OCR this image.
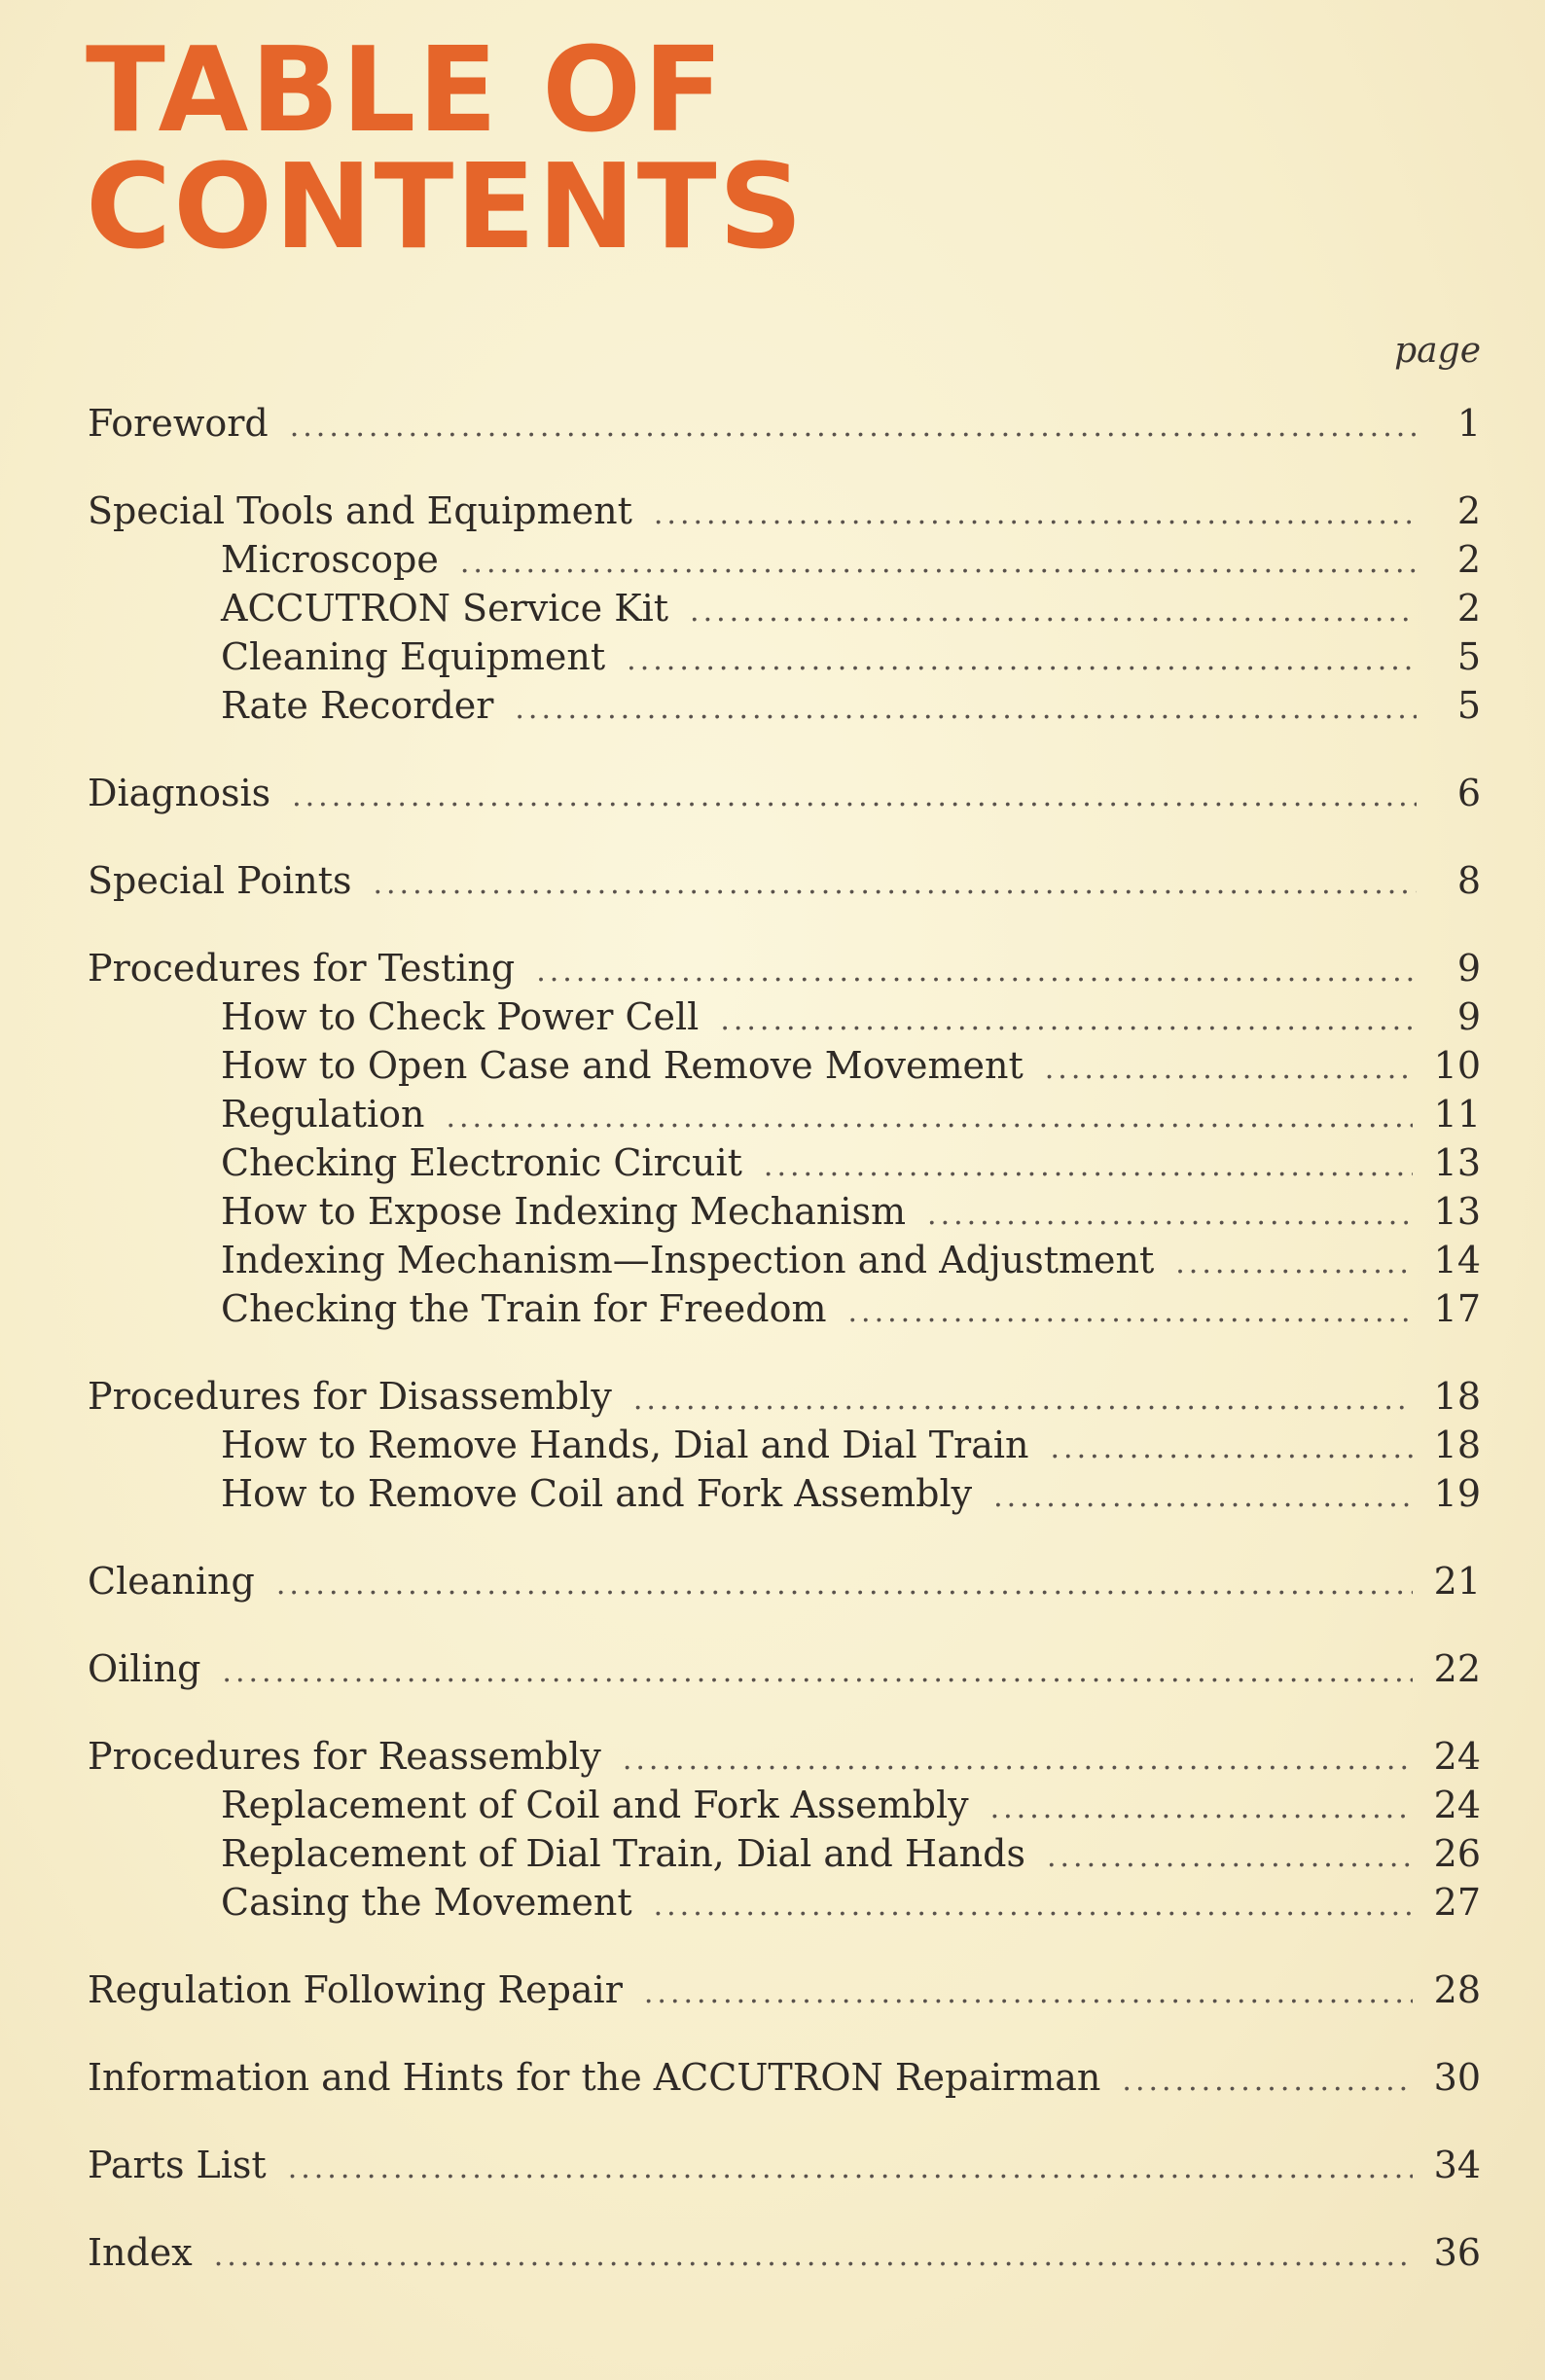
TABLE OF
CONTENTS
page
Foreword .....	1
Special Tools and Equipment .....	2
Microscope .....	2
ACCUTRON Service Kit .....	2
Cleaning Equipment .....	5
Rate Recorder .....	5
Diagnosis .....	6
Special Points .....	8
Procedures for Testing .....	9
How to Check Power Cell .....	9
How to Open Case and Remove Movement .....	10
Regulation .....	11
Checking Electronic Circuit .....	13
How to Expose Indexing Mechanism .....	13
Indexing Mechanism—Inspection and Adjustment .....	14
Checking the Train for Freedom .....	17
Procedures for Disassembly .....	18
How to Remove Hands, Dial and Dial Train .....	18
How to Remove Coil and Fork Assembly .....	19
Cleaning .....	21
Oiling .....	22
Procedures for Reassembly .....	24
Replacement of Coil and Fork Assembly .....	24
Replacement of Dial Train, Dial and Hands .....	26
Casing the Movement .....	27
Regulation Following Repair .....	28
Information and Hints for the ACCUTRON Repairman .....	30
Parts List .....	34
Index .....	36
